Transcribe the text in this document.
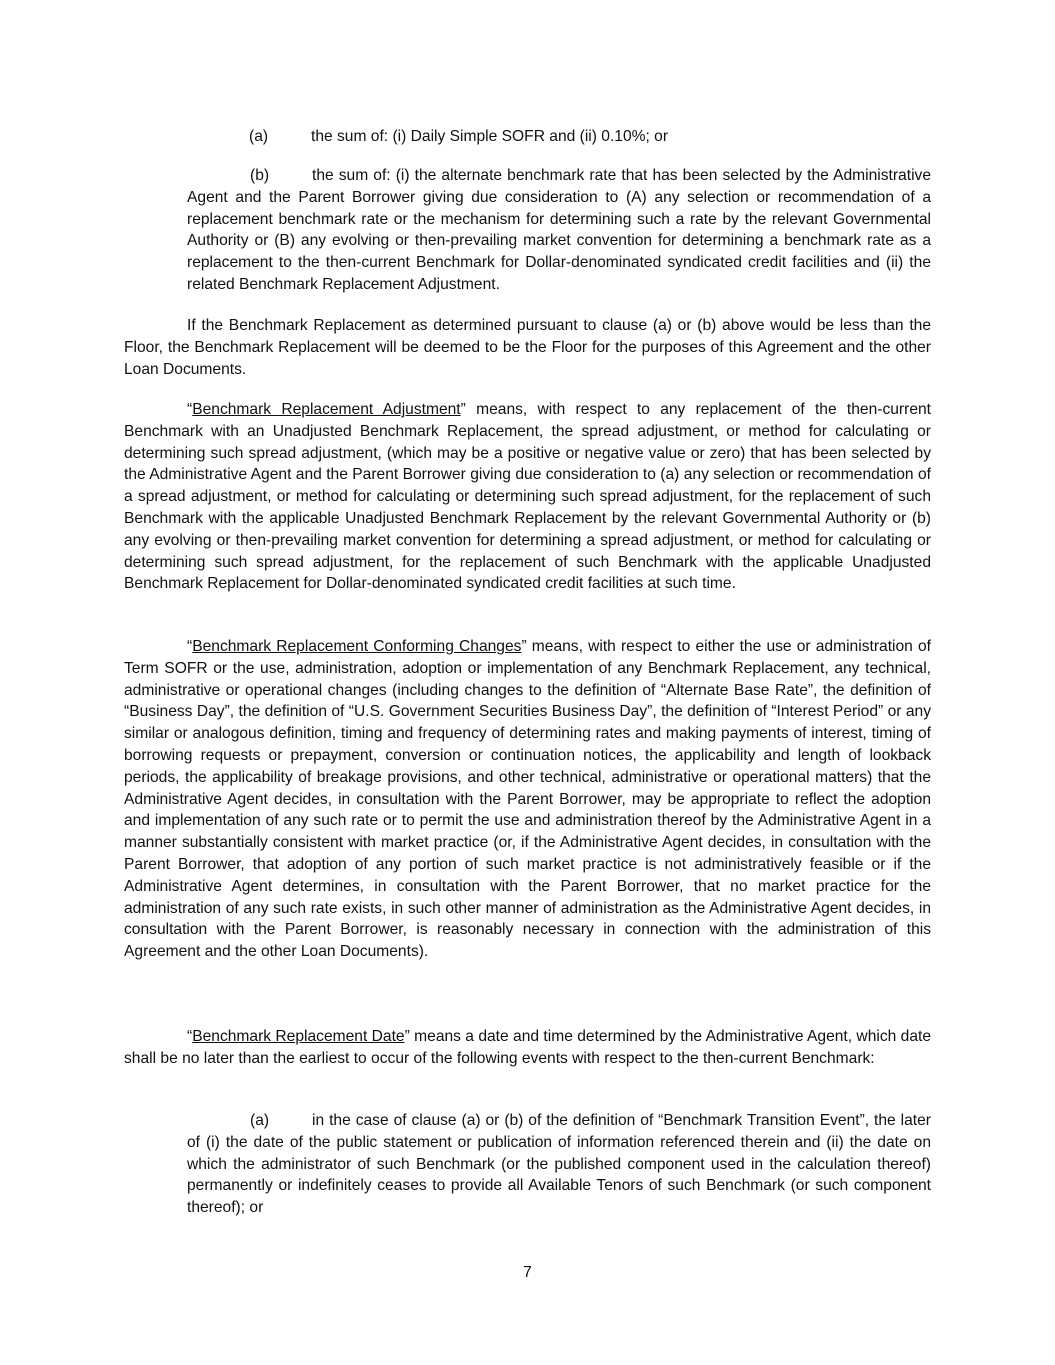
(a)	the sum of: (i) Daily Simple SOFR and (ii) 0.10%; or
(b)	the sum of: (i) the alternate benchmark rate that has been selected by the Administrative Agent and the Parent Borrower giving due consideration to (A) any selection or recommendation of a replacement benchmark rate or the mechanism for determining such a rate by the relevant Governmental Authority or (B) any evolving or then-prevailing market convention for determining a benchmark rate as a replacement to the then-current Benchmark for Dollar-denominated syndicated credit facilities and (ii) the related Benchmark Replacement Adjustment.
If the Benchmark Replacement as determined pursuant to clause (a) or (b) above would be less than the Floor, the Benchmark Replacement will be deemed to be the Floor for the purposes of this Agreement and the other Loan Documents.
“Benchmark Replacement Adjustment” means, with respect to any replacement of the then-current Benchmark with an Unadjusted Benchmark Replacement, the spread adjustment, or method for calculating or determining such spread adjustment, (which may be a positive or negative value or zero) that has been selected by the Administrative Agent and the Parent Borrower giving due consideration to (a) any selection or recommendation of a spread adjustment, or method for calculating or determining such spread adjustment, for the replacement of such Benchmark with the applicable Unadjusted Benchmark Replacement by the relevant Governmental Authority or (b) any evolving or then-prevailing market convention for determining a spread adjustment, or method for calculating or determining such spread adjustment, for the replacement of such Benchmark with the applicable Unadjusted Benchmark Replacement for Dollar-denominated syndicated credit facilities at such time.
“Benchmark Replacement Conforming Changes” means, with respect to either the use or administration of Term SOFR or the use, administration, adoption or implementation of any Benchmark Replacement, any technical, administrative or operational changes (including changes to the definition of “Alternate Base Rate”, the definition of “Business Day”, the definition of “U.S. Government Securities Business Day”, the definition of “Interest Period” or any similar or analogous definition, timing and frequency of determining rates and making payments of interest, timing of borrowing requests or prepayment, conversion or continuation notices, the applicability and length of lookback periods, the applicability of breakage provisions, and other technical, administrative or operational matters) that the Administrative Agent decides, in consultation with the Parent Borrower, may be appropriate to reflect the adoption and implementation of any such rate or to permit the use and administration thereof by the Administrative Agent in a manner substantially consistent with market practice (or, if the Administrative Agent decides, in consultation with the Parent Borrower, that adoption of any portion of such market practice is not administratively feasible or if the Administrative Agent determines, in consultation with the Parent Borrower, that no market practice for the administration of any such rate exists, in such other manner of administration as the Administrative Agent decides, in consultation with the Parent Borrower, is reasonably necessary in connection with the administration of this Agreement and the other Loan Documents).
“Benchmark Replacement Date” means a date and time determined by the Administrative Agent, which date shall be no later than the earliest to occur of the following events with respect to the then-current Benchmark:
(a)	in the case of clause (a) or (b) of the definition of “Benchmark Transition Event”, the later of (i) the date of the public statement or publication of information referenced therein and (ii) the date on which the administrator of such Benchmark (or the published component used in the calculation thereof) permanently or indefinitely ceases to provide all Available Tenors of such Benchmark (or such component thereof); or
7
